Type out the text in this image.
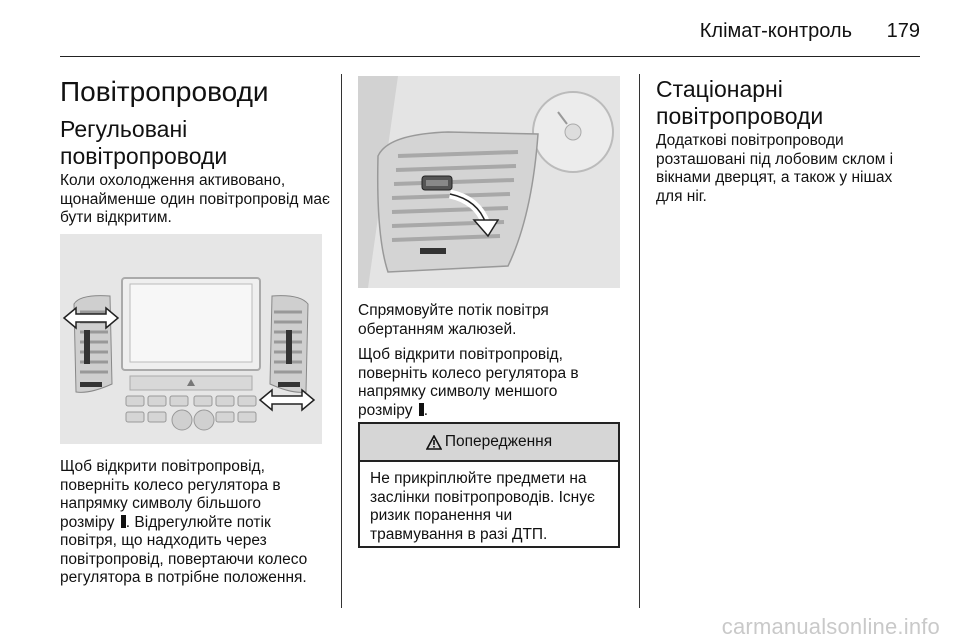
Клімат-контроль	179
Повітропроводи
Регульовані повітропроводи

Коли охолодження активовано, щонайменше один повітропровід має бути відкритим.

Щоб відкрити повітропровід,
поверніть колесо регулятора в
напрямку символу більшого
розміру . Відрегулюйте потік
повітря, що надходить через
повітропровід, повертаючи колесо
регулятора в потрібне положення.

Спрямовуйте потік повітря обертанням жалюзей.

Щоб відкрити повітропровід,
поверніть колесо регулятора в
напрямку символу меншого
розміру .
Попередження
Не прикріплюйте предмети на заслінки повітропроводів. Існує ризик поранення чи травмування в разі ДТП.
Стаціонарні повітропроводи

Додаткові повітропроводи розташовані під лобовим склом і вікнами дверцят, а також у нішах для ніг.

carmanualsonline.info
